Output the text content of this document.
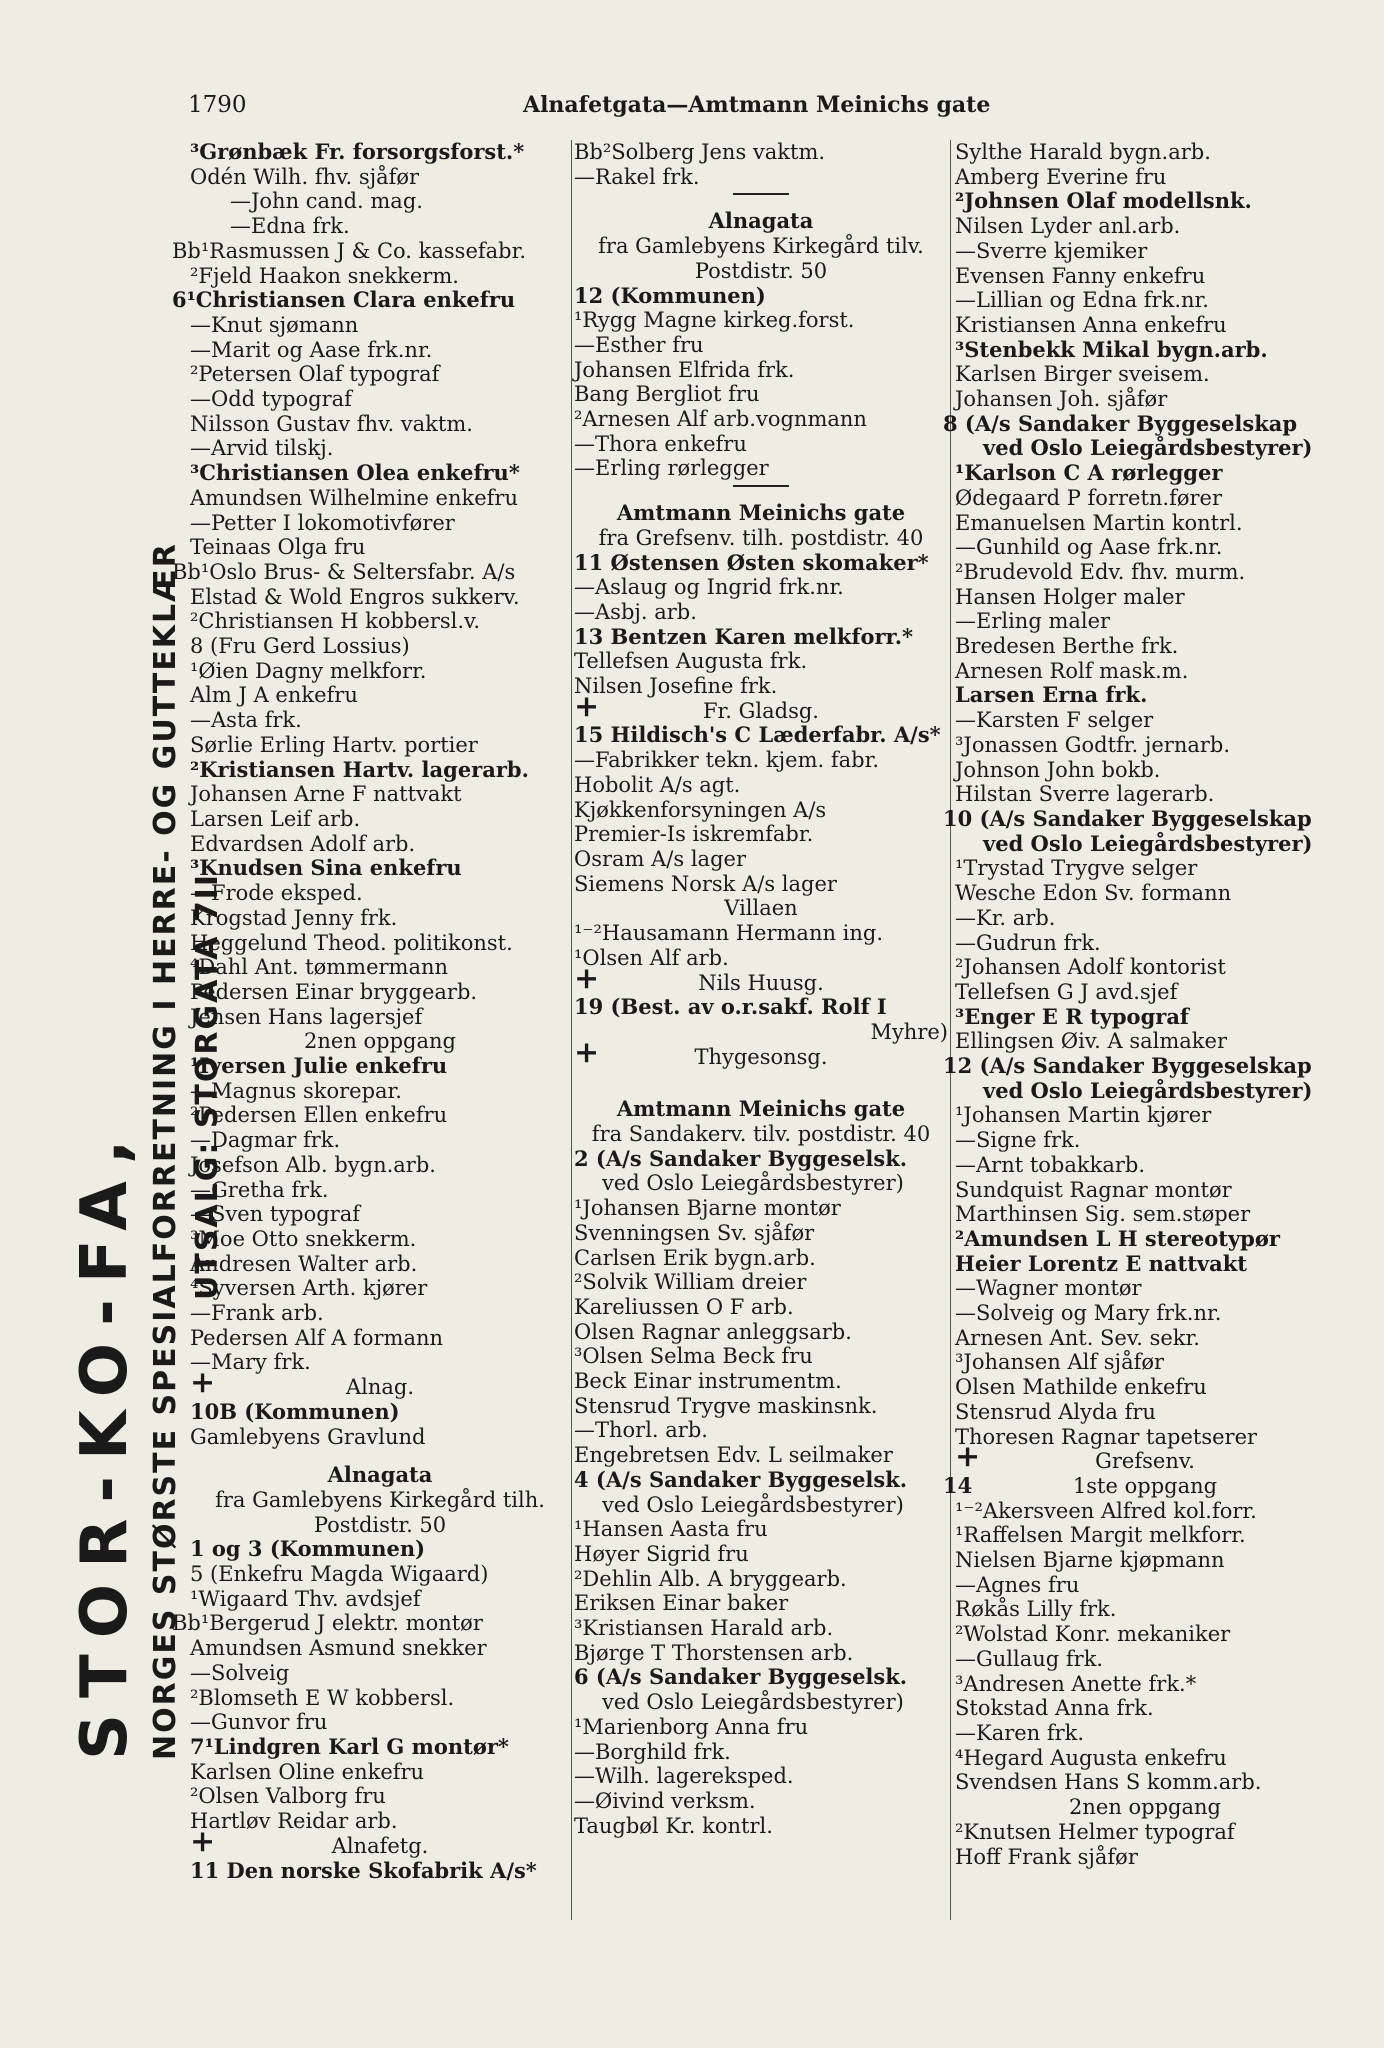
1790	Alnafetgata—Amtmann Meinichs gate
STOR-KO-FA,
UTSALG: STORGATA 7II
NORGES STØRSTE SPESIALFORRETNING I HERRE- OG GUTTEKLÆR
³Grønbæk Fr. forsorgsforst.*
Odén Wilh. fhv. sjåfør
—John cand. mag.
—Edna frk.
Bb¹Rasmussen J & Co. kassefabr.
²Fjeld Haakon snekkerm.
6¹Christiansen Clara enkefru
—Knut sjømann
—Marit og Aase frk.nr.
²Petersen Olaf typograf
—Odd typograf
Nilsson Gustav fhv. vaktm.
—Arvid tilskj.
³Christiansen Olea enkefru*
Amundsen Wilhelmine enkefru
—Petter I lokomotivfører
Teinaas Olga fru
Bb¹Oslo Brus- & Seltersfabr. A/s
Elstad & Wold Engros sukkerv.
²Christiansen H kobbersl.v.
8 (Fru Gerd Lossius)
¹Øien Dagny melkforr.
Alm J A enkefru
—Asta frk.
Sørlie Erling Hartv. portier
²Kristiansen Hartv. lagerarb.
Johansen Arne F nattvakt
Larsen Leif arb.
Edvardsen Adolf arb.
³Knudsen Sina enkefru
—Frode eksped.
Krogstad Jenny frk.
Heggelund Theod. politikonst.
⁴Dahl Ant. tømmermann
Pedersen Einar bryggearb.
Jensen Hans lagersjef
2nen oppgang
¹Iversen Julie enkefru
—Magnus skorepar.
²Pedersen Ellen enkefru
—Dagmar frk.
Josefson Alb. bygn.arb.
—Gretha frk.
—Sven typograf
³Moe Otto snekkerm.
Andresen Walter arb.
⁴Syversen Arth. kjører
—Frank arb.
Pedersen Alf A formann
—Mary frk.
+	Alnag.
10B (Kommunen)
Gamlebyens Gravlund
Alnagata
fra Gamlebyens Kirkegård tilh.
Postdistr. 50
1 og 3 (Kommunen)
5 (Enkefru Magda Wigaard)
¹Wigaard Thv. avdsjef
Bb¹Bergerud J elektr. montør
Amundsen Asmund snekker
—Solveig
²Blomseth E W kobbersl.
—Gunvor fru
7¹Lindgren Karl G montør*
Karlsen Oline enkefru
²Olsen Valborg fru
Hartløv Reidar arb.
+	Alnafetg.
11 Den norske Skofabrik A/s*
Bb²Solberg Jens vaktm.
—Rakel frk.
Alnagata
fra Gamlebyens Kirkegård tilv.
Postdistr. 50
12 (Kommunen)
¹Rygg Magne kirkeg.forst.
—Esther fru
Johansen Elfrida frk.
Bang Bergliot fru
²Arnesen Alf arb.vognmann
—Thora enkefru
—Erling rørlegger
Amtmann Meinichs gate
fra Grefsenv. tilh. postdistr. 40
11 Østensen Østen skomaker*
—Aslaug og Ingrid frk.nr.
—Asbj. arb.
13 Bentzen Karen melkforr.*
Tellefsen Augusta frk.
Nilsen Josefine frk.
+	Fr. Gladsg.
15 Hildisch's C Læderfabr. A/s*
—Fabrikker tekn. kjem. fabr.
Hobolit A/s agt.
Kjøkkenforsyningen A/s
Premier-Is iskremfabr.
Osram A/s lager
Siemens Norsk A/s lager
Villaen
¹⁻²Hausamann Hermann ing.
¹Olsen Alf arb.
+	Nils Huusg.
19 (Best. av o.r.sakf. Rolf I
Myhre)
+	Thygesonsg.
Amtmann Meinichs gate
fra Sandakerv. tilv. postdistr. 40
2 (A/s Sandaker Byggeselsk.
ved Oslo Leiegårdsbestyrer)
¹Johansen Bjarne montør
Svenningsen Sv. sjåfør
Carlsen Erik bygn.arb.
²Solvik William dreier
Kareliussen O F arb.
Olsen Ragnar anleggsarb.
³Olsen Selma Beck fru
Beck Einar instrumentm.
Stensrud Trygve maskinsnk.
—Thorl. arb.
Engebretsen Edv. L seilmaker
4 (A/s Sandaker Byggeselsk.
ved Oslo Leiegårdsbestyrer)
¹Hansen Aasta fru
Høyer Sigrid fru
²Dehlin Alb. A bryggearb.
Eriksen Einar baker
³Kristiansen Harald arb.
Bjørge T Thorstensen arb.
6 (A/s Sandaker Byggeselsk.
ved Oslo Leiegårdsbestyrer)
¹Marienborg Anna fru
—Borghild frk.
—Wilh. lagereksped.
—Øivind verksm.
Taugbøl Kr. kontrl.
Sylthe Harald bygn.arb.
Amberg Everine fru
²Johnsen Olaf modellsnk.
Nilsen Lyder anl.arb.
—Sverre kjemiker
Evensen Fanny enkefru
—Lillian og Edna frk.nr.
Kristiansen Anna enkefru
³Stenbekk Mikal bygn.arb.
Karlsen Birger sveisem.
Johansen Joh. sjåfør
8 (A/s Sandaker Byggeselskap
ved Oslo Leiegårdsbestyrer)
¹Karlson C A rørlegger
Ødegaard P forretn.fører
Emanuelsen Martin kontrl.
—Gunhild og Aase frk.nr.
²Brudevold Edv. fhv. murm.
Hansen Holger maler
—Erling maler
Bredesen Berthe frk.
Arnesen Rolf mask.m.
Larsen Erna frk.
—Karsten F selger
³Jonassen Godtfr. jernarb.
Johnson John bokb.
Hilstan Sverre lagerarb.
10 (A/s Sandaker Byggeselskap
ved Oslo Leiegårdsbestyrer)
¹Trystad Trygve selger
Wesche Edon Sv. formann
—Kr. arb.
—Gudrun frk.
²Johansen Adolf kontorist
Tellefsen G J avd.sjef
³Enger E R typograf
Ellingsen Øiv. A salmaker
12 (A/s Sandaker Byggeselskap
ved Oslo Leiegårdsbestyrer)
¹Johansen Martin kjører
—Signe frk.
—Arnt tobakkarb.
Sundquist Ragnar montør
Marthinsen Sig. sem.støper
²Amundsen L H stereotypør
Heier Lorentz E nattvakt
—Wagner montør
—Solveig og Mary frk.nr.
Arnesen Ant. Sev. sekr.
³Johansen Alf sjåfør
Olsen Mathilde enkefru
Stensrud Alyda fru
Thoresen Ragnar tapetserer
+	Grefsenv.
14	1ste oppgang
¹⁻²Akersveen Alfred kol.forr.
¹Raffelsen Margit melkforr.
Nielsen Bjarne kjøpmann
—Agnes fru
Røkås Lilly frk.
²Wolstad Konr. mekaniker
—Gullaug frk.
³Andresen Anette frk.*
Stokstad Anna frk.
—Karen frk.
⁴Hegard Augusta enkefru
Svendsen Hans S komm.arb.
2nen oppgang
²Knutsen Helmer typograf
Hoff Frank sjåfør
